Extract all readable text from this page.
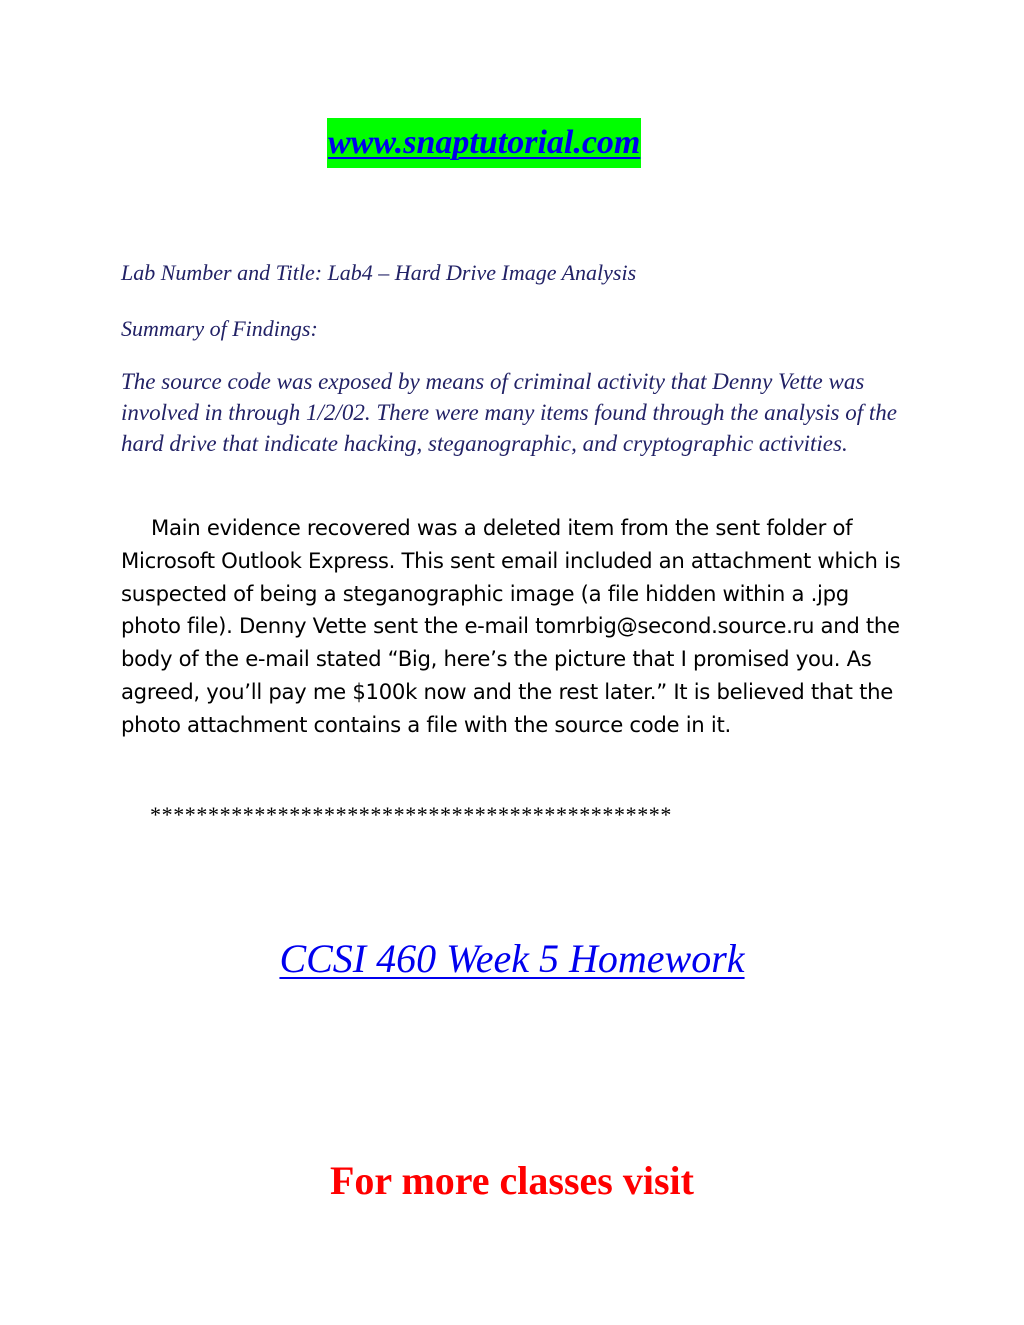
www.snaptutorial.com
Lab Number and Title: Lab4 – Hard Drive Image Analysis
Summary of Findings:

The source code was exposed by means of criminal activity that Denny Vette was involved in through 1/2/02. There were many items found through the analysis of the hard drive that indicate hacking, steganographic, and cryptographic activities.

Main evidence recovered was a deleted item from the sent folder of Microsoft Outlook Express. This sent email included an attachment which is suspected of being a steganographic image (a file hidden within a .jpg photo file). Denny Vette sent the e-mail tomrbig@second.source.ru and the body of the e-mail stated “Big, here’s the picture that I promised you. As agreed, you’ll pay me $100k now and the rest later.” It is believed that the photo attachment contains a file with the source code in it.

*********************************************
CCSI 460 Week 5 Homework
For more classes visit
